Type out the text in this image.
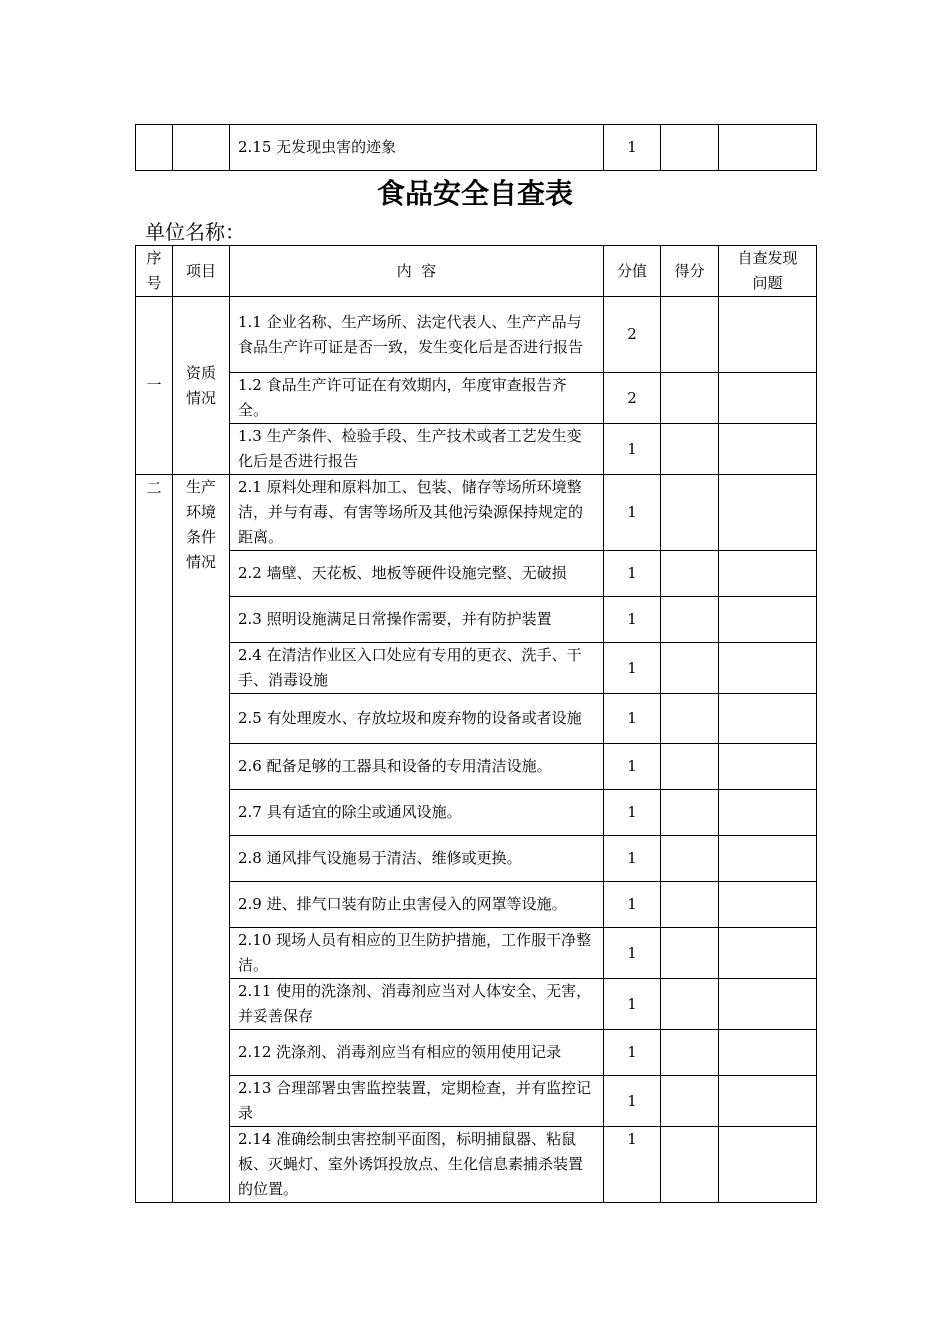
		2.15 无发现虫害的迹象	1		
食品安全自查表
单位名称：
序号	项目	内  容	分值	得分	自查发现问题
一	资质情况	1.1 企业名称、生产场所、法定代表人、生产产品与食品生产许可证是否一致，发生变化后是否进行报告	2		
		1.2 食品生产许可证在有效期内，年度审查报告齐全。	2		
		1.3 生产条件、检验手段、生产技术或者工艺发生变化后是否进行报告	1		
二	生产环境条件情况	2.1 原料处理和原料加工、包装、储存等场所环境整洁，并与有毒、有害等场所及其他污染源保持规定的距离。	1		
		2.2 墙壁、天花板、地板等硬件设施完整、无破损	1		
		2.3 照明设施满足日常操作需要，并有防护装置	1		
		2.4 在清洁作业区入口处应有专用的更衣、洗手、干手、消毒设施	1		
		2.5 有处理废水、存放垃圾和废弃物的设备或者设施	1		
		2.6 配备足够的工器具和设备的专用清洁设施。	1		
		2.7 具有适宜的除尘或通风设施。	1		
		2.8 通风排气设施易于清洁、维修或更换。	1		
		2.9 进、排气口装有防止虫害侵入的网罩等设施。	1		
		2.10 现场人员有相应的卫生防护措施，工作服干净整洁。	1		
		2.11 使用的洗涤剂、消毒剂应当对人体安全、无害，并妥善保存	1		
		2.12 洗涤剂、消毒剂应当有相应的领用使用记录	1		
		2.13 合理部署虫害监控装置，定期检查，并有监控记录	1		
		2.14 准确绘制虫害控制平面图，标明捕鼠器、粘鼠板、灭蝇灯、室外诱饵投放点、生化信息素捕杀装置的位置。	1		
